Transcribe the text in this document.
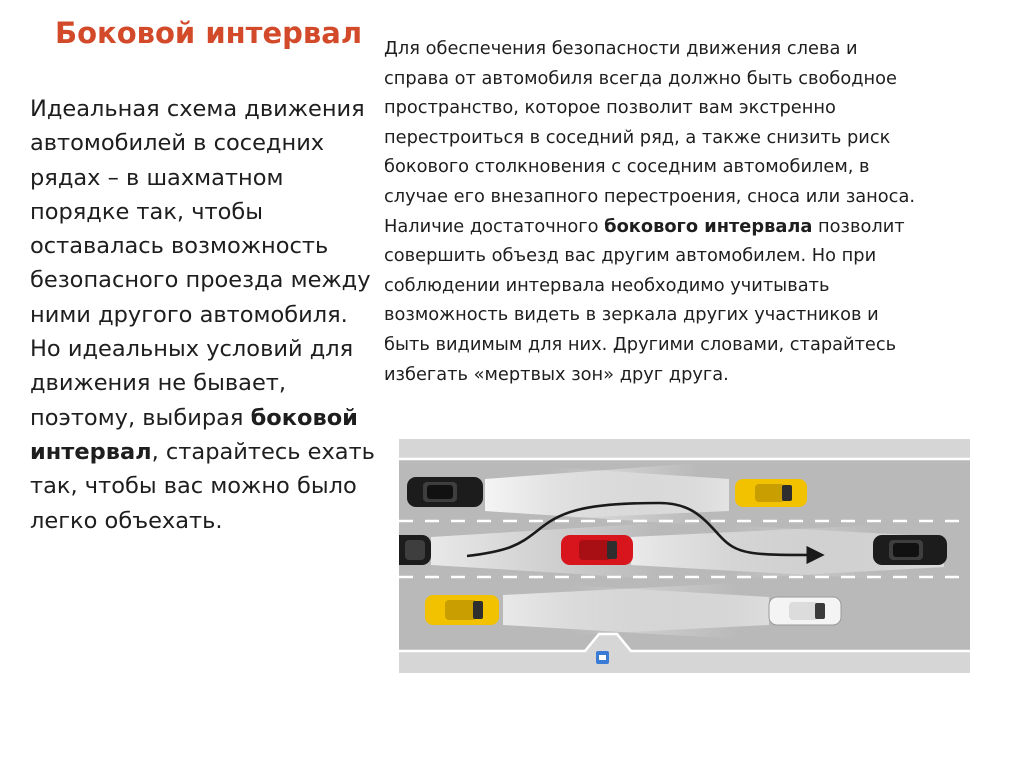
Боковой интервал
Идеальная схема движения
автомобилей в соседних
рядах – в шахматном
порядке так, чтобы
оставалась возможность
безопасного проезда между
ними другого автомобиля.
Но идеальных условий для
движения не бывает,
поэтому, выбирая боковой
интервал, старайтесь ехать
так, чтобы вас можно было
легко объехать.
Для обеспечения безопасности движения слева и
справа от автомобиля всегда должно быть свободное
пространство, которое позволит вам экстренно
перестроиться в соседний ряд, а также снизить риск
бокового столкновения с соседним автомобилем, в
случае его внезапного перестроения, сноса или заноса.
Наличие достаточного бокового интервала позволит
совершить объезд вас другим автомобилем. Но при
соблюдении интервала необходимо учитывать
возможность видеть в зеркала других участников и
быть видимым для них. Другими словами, старайтесь
избегать «мертвых зон» друг друга.
